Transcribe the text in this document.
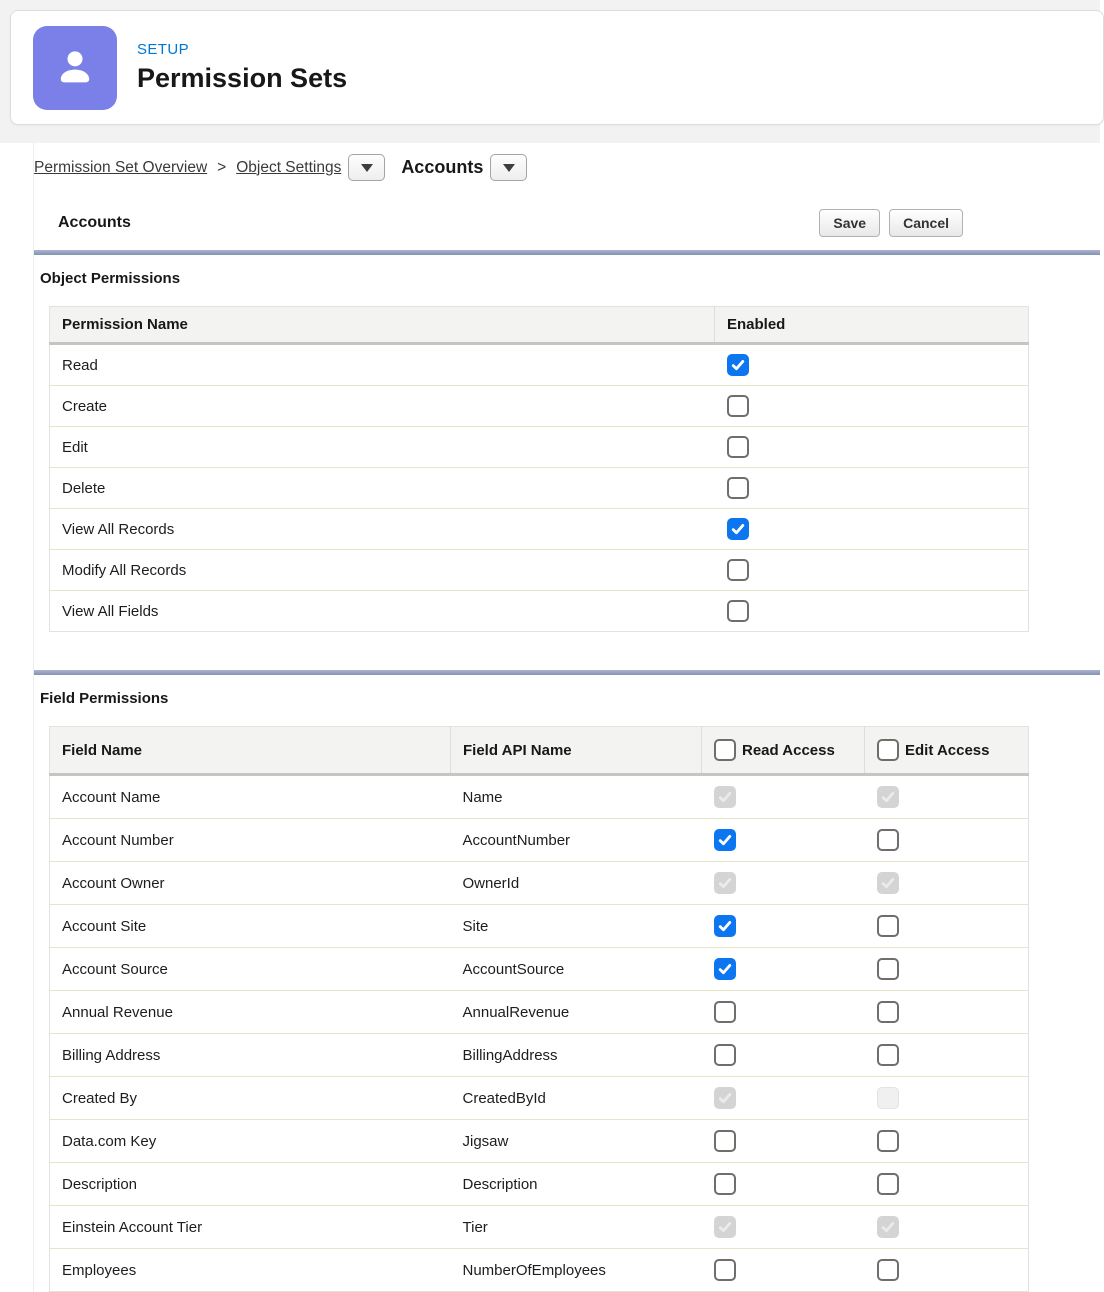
SETUP
Permission Sets
Permission Set Overview > Object Settings	Accounts
Accounts	Save	Cancel
Object Permissions
Permission Name	Enabled
Read	

Create	
Edit	
Delete	
View All Records	

Modify All Records	
View All Fields	
Field Permissions
Field Name	Field API Name	Read Access	Edit Access

Account Name	Name	

Account Number	AccountNumber	

Account Owner	OwnerId	

Account Site	Site	

Account Source	AccountSource	

Annual Revenue	AnnualRevenue		
Billing Address	BillingAddress		
Created By	CreatedById	

Data.com Key	Jigsaw		
Description	Description		
Einstein Account Tier	Tier	

Employees	NumberOfEmployees		
